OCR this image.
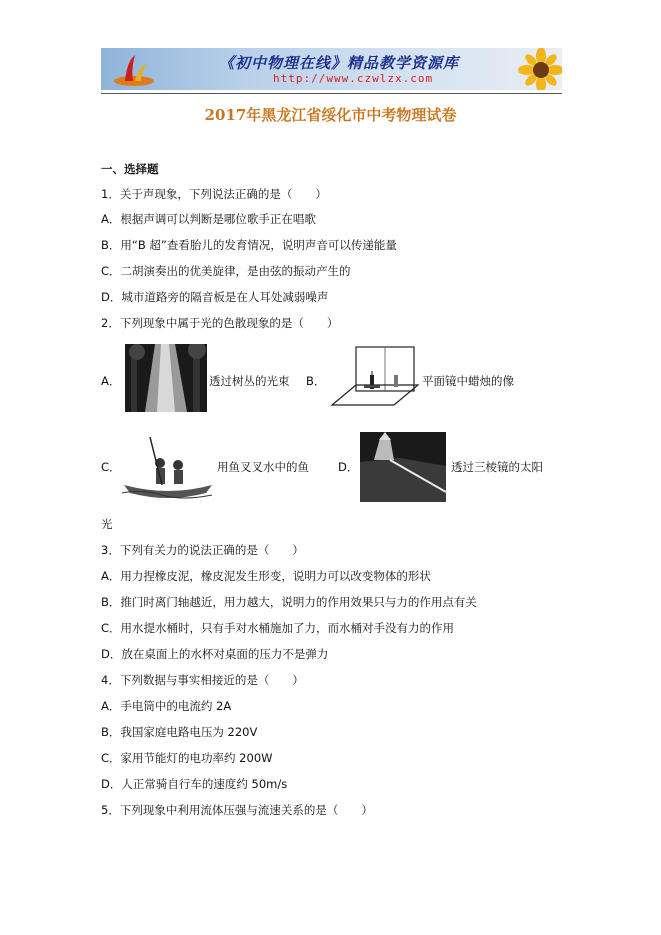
《初中物理在线》精品教学资源库
http://www.czwlzx.com
2017年黑龙江省绥化市中考物理试卷
一、选择题
1．关于声现象，下列说法正确的是（　　）
A．根据声调可以判断是哪位歌手正在唱歌
B．用“B 超”查看胎儿的发育情况，说明声音可以传递能量
C．二胡演奏出的优美旋律，是由弦的振动产生的
D．城市道路旁的隔音板是在人耳处减弱噪声
2．下列现象中属于光的色散现象的是（　　）
A．	透过树丛的光束 B．	平面镜中蜡烛的像
C．	用鱼叉叉水中的鱼	D．	透过三棱镜的太阳
光
3．下列有关力的说法正确的是（　　）
A．用力捏橡皮泥，橡皮泥发生形变，说明力可以改变物体的形状
B．推门时离门轴越近，用力越大，说明力的作用效果只与力的作用点有关
C．用水提水桶时，只有手对水桶施加了力，而水桶对手没有力的作用
D．放在桌面上的水杯对桌面的压力不是弹力
4．下列数据与事实相接近的是（　　）
A．手电筒中的电流约 2A
B．我国家庭电路电压为 220V
C．家用节能灯的电功率约 200W
D．人正常骑自行车的速度约 50m/s
5．下列现象中利用流体压强与流速关系的是（　　）
